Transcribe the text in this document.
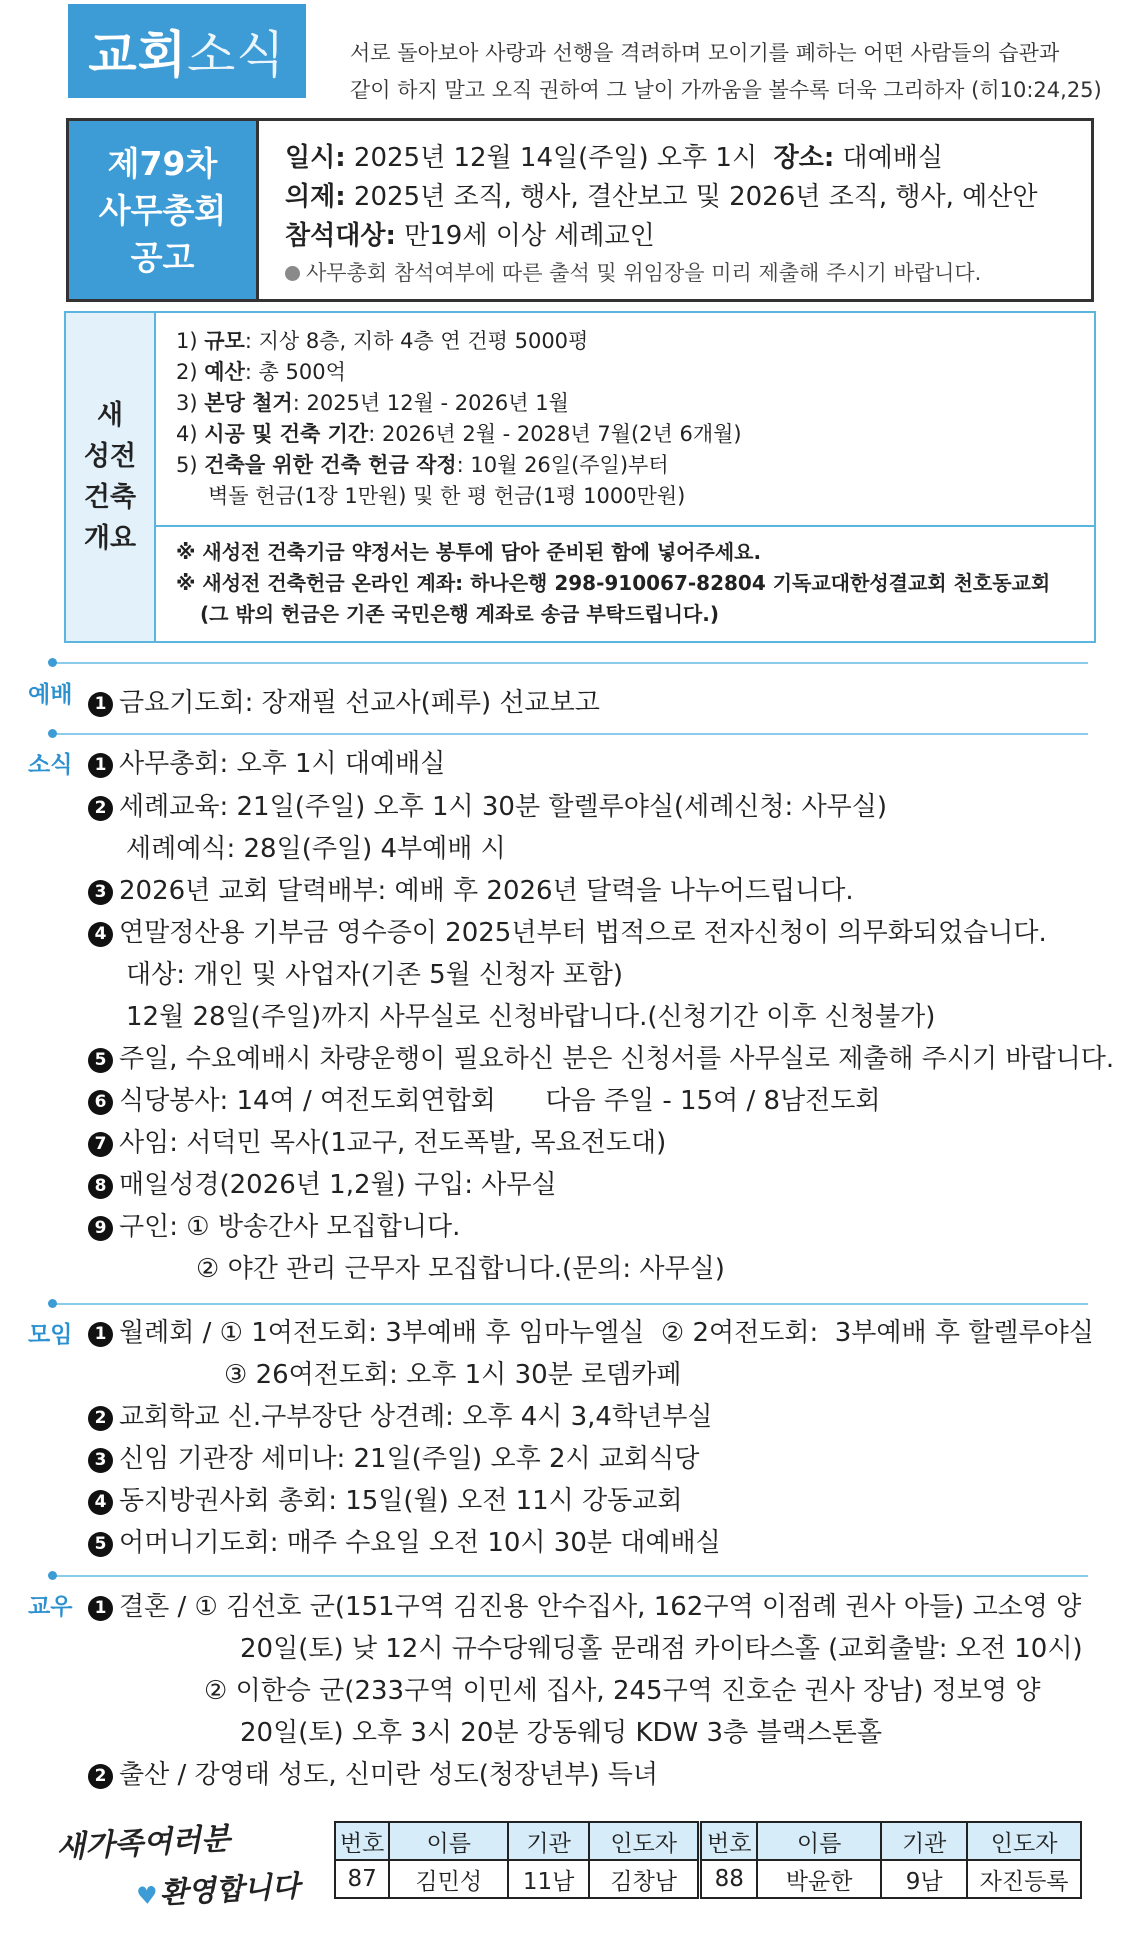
교회 소식	서로 돌아보아 사랑과 선행을 격려하며 모이기를 폐하는 어떤 사람들의 습관과
같이 하지 말고 오직 권하여 그 날이 가까움을 볼수록 더욱 그리하자 (히10:24,25)
제79차
사무총회
공고
일시: 2025년 12월 14일(주일) 오후 1시 장소: 대예배실
의제: 2025년 조직, 행사, 결산보고 및 2026년 조직, 행사, 예산안
참석대상: 만19세 이상 세례교인
사무총회 참석여부에 따른 출석 및 위임장을 미리 제출해 주시기 바랍니다.
새
성전
건축
개요
1) 규모: 지상 8층, 지하 4층 연 건평 5000평
2) 예산: 총 500억
3) 본당 철거: 2025년 12월 - 2026년 1월
4) 시공 및 건축 기간: 2026년 2월 - 2028년 7월(2년 6개월)
5) 건축을 위한 건축 헌금 작정: 10월 26일(주일)부터
벽돌 헌금(1장 1만원) 및 한 평 헌금(1평 1000만원)
※ 새성전 건축기금 약정서는 봉투에 담아 준비된 함에 넣어주세요.
※ 새성전 건축헌금 온라인 계좌: 하나은행 298-910067-82804 기독교대한성결교회 천호동교회
(그 밖의 헌금은 기존 국민은행 계좌로 송금 부탁드립니다.)
예배	1 금요기도회: 장재필 선교사(페루) 선교보고
소식	1 사무총회: 오후 1시 대예배실
2 세례교육: 21일(주일) 오후 1시 30분 할렐루야실(세례신청: 사무실)
세례예식: 28일(주일) 4부예배 시
3 2026년 교회 달력배부: 예배 후 2026년 달력을 나누어드립니다.
4 연말정산용 기부금 영수증이 2025년부터 법적으로 전자신청이 의무화되었습니다.
대상: 개인 및 사업자(기존 5월 신청자 포함)
12월 28일(주일)까지 사무실로 신청바랍니다.(신청기간 이후 신청불가)
5 주일, 수요예배시 차량운행이 필요하신 분은 신청서를 사무실로 제출해 주시기 바랍니다.
6 식당봉사: 14여 / 여전도회연합회      다음 주일 - 15여 / 8남전도회
7 사임: 서덕민 목사(1교구, 전도폭발, 목요전도대)
8 매일성경(2026년 1,2월) 구입: 사무실
9 구인: ① 방송간사 모집합니다.
② 야간 관리 근무자 모집합니다.(문의: 사무실)
모임	1 월례회 / ① 1여전도회: 3부예배 후 임마누엘실  ② 2여전도회:  3부예배 후 할렐루야실
③ 26여전도회: 오후 1시 30분 로뎀카페
2 교회학교 신.구부장단 상견례: 오후 4시 3,4학년부실
3 신임 기관장 세미나: 21일(주일) 오후 2시 교회식당
4 동지방권사회 총회: 15일(월) 오전 11시 강동교회
5 어머니기도회: 매주 수요일 오전 10시 30분 대예배실
교우	1 결혼 / ① 김선호 군(151구역 김진용 안수집사, 162구역 이점례 권사 아들) 고소영 양
20일(토) 낮 12시 규수당웨딩홀 문래점 카이타스홀 (교회출발: 오전 10시)
② 이한승 군(233구역 이민세 집사, 245구역 진호순 권사 장남) 정보영 양
20일(토) 오후 3시 20분 강동웨딩 KDW 3층 블랙스톤홀
2 출산 / 강영태 성도, 신미란 성도(청장년부) 득녀
새가족여러분
♥환영합니다
번호	이름	기관	인도자	번호	이름	기관	인도자
87	김민성	11남	김창남	88	박윤한	9남	자진등록
